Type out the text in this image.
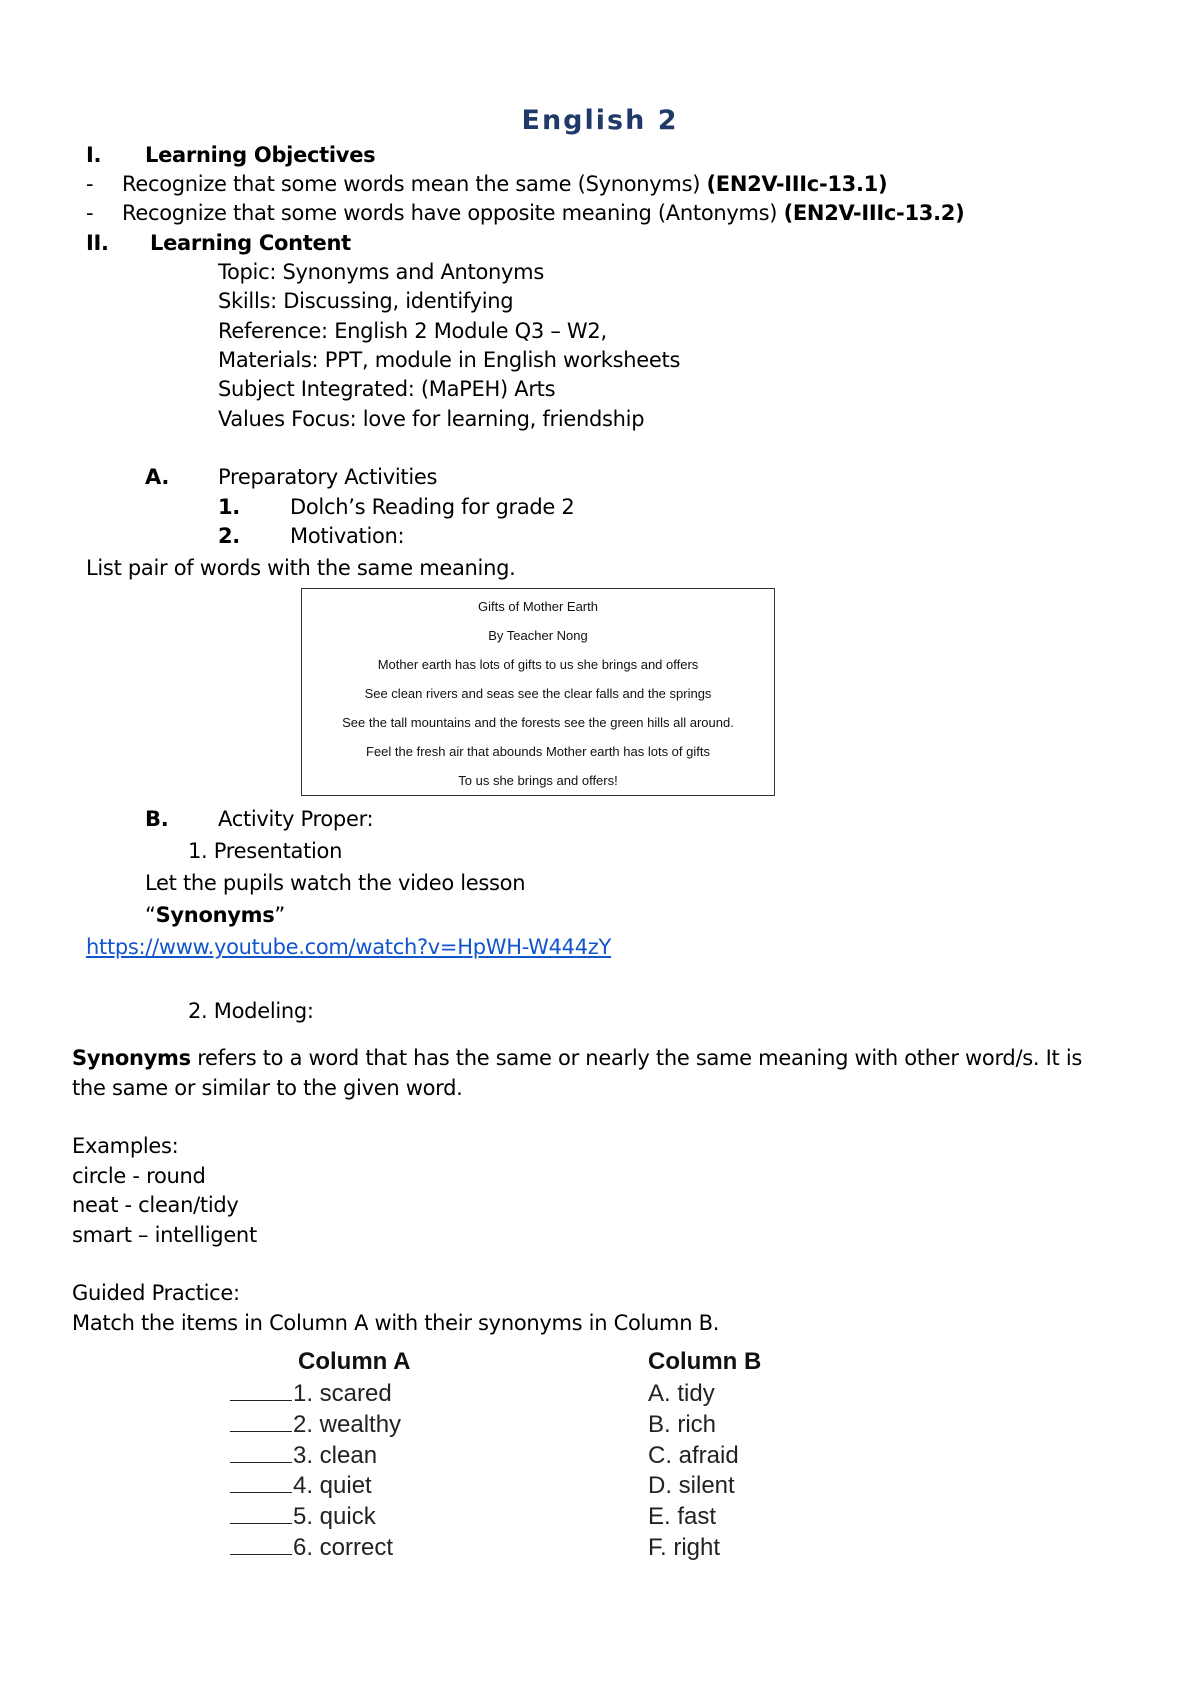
English 2
I. Learning Objectives
- Recognize that some words mean the same (Synonyms) (EN2V-IIIc-13.1)
- Recognize that some words have opposite meaning (Antonyms) (EN2V-IIIc-13.2)
II. Learning Content
Topic: Synonyms and Antonyms
Skills: Discussing, identifying
Reference: English 2 Module Q3 – W2,
Materials: PPT, module in English worksheets
Subject Integrated: (MaPEH) Arts
Values Focus: love for learning, friendship
A. Preparatory Activities
1. Dolch’s Reading for grade 2
2. Motivation:
List pair of words with the same meaning.
Gifts of Mother Earth
By Teacher Nong
Mother earth has lots of gifts to us she brings and offers
See clean rivers and seas see the clear falls and the springs
See the tall mountains and the forests see the green hills all around.
Feel the fresh air that abounds Mother earth has lots of gifts
To us she brings and offers!
B. Activity Proper:
1. Presentation
Let the pupils watch the video lesson
“Synonyms”
https://www.youtube.com/watch?v=HpWH-W444zY
2. Modeling:
Synonyms refers to a word that has the same or nearly the same meaning with other word/s. It is
the same or similar to the given word.
Examples:
circle - round
neat - clean/tidy
smart – intelligent
Guided Practice:
Match the items in Column A with their synonyms in Column B.
Column A	Column B
1. scared
2. wealthy
3. clean
4. quiet
5. quick
6. correct
A. tidy
B. rich
C. afraid
D. silent
E. fast
F. right
